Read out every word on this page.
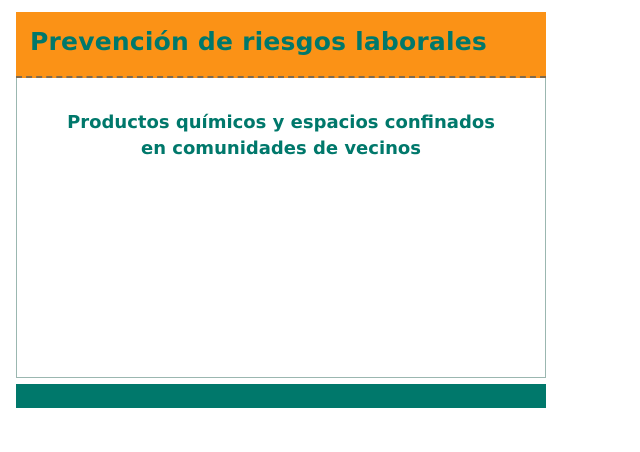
Prevención de riesgos laborales
Productos químicos y espacios confinados
en comunidades de vecinos
